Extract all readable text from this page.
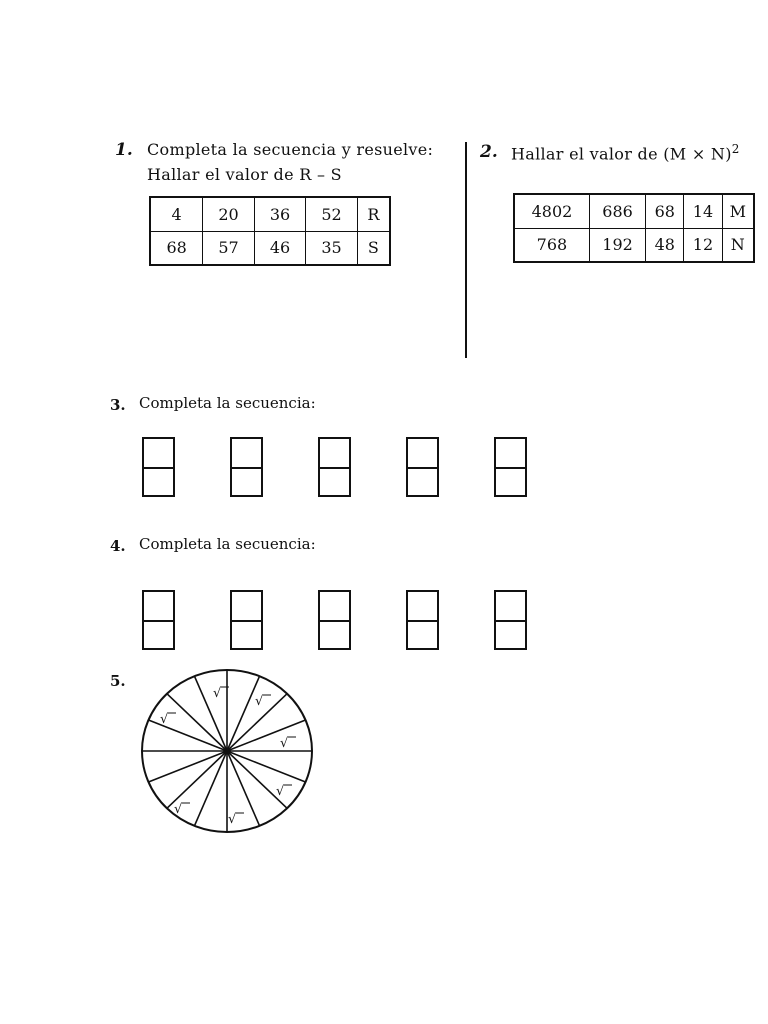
1. Completa la secuencia y resuelve:
Hallar el valor de R – S
4	20	36	52	R
68	57	46	35	S
2. Hallar el valor de $(M \times N)^2$
4802	686	68	14	M
768	192	48	12	N
3. Completa la secuencia:
4. Completa la secuencia:
5.
√
√
√
√
√
√
√
